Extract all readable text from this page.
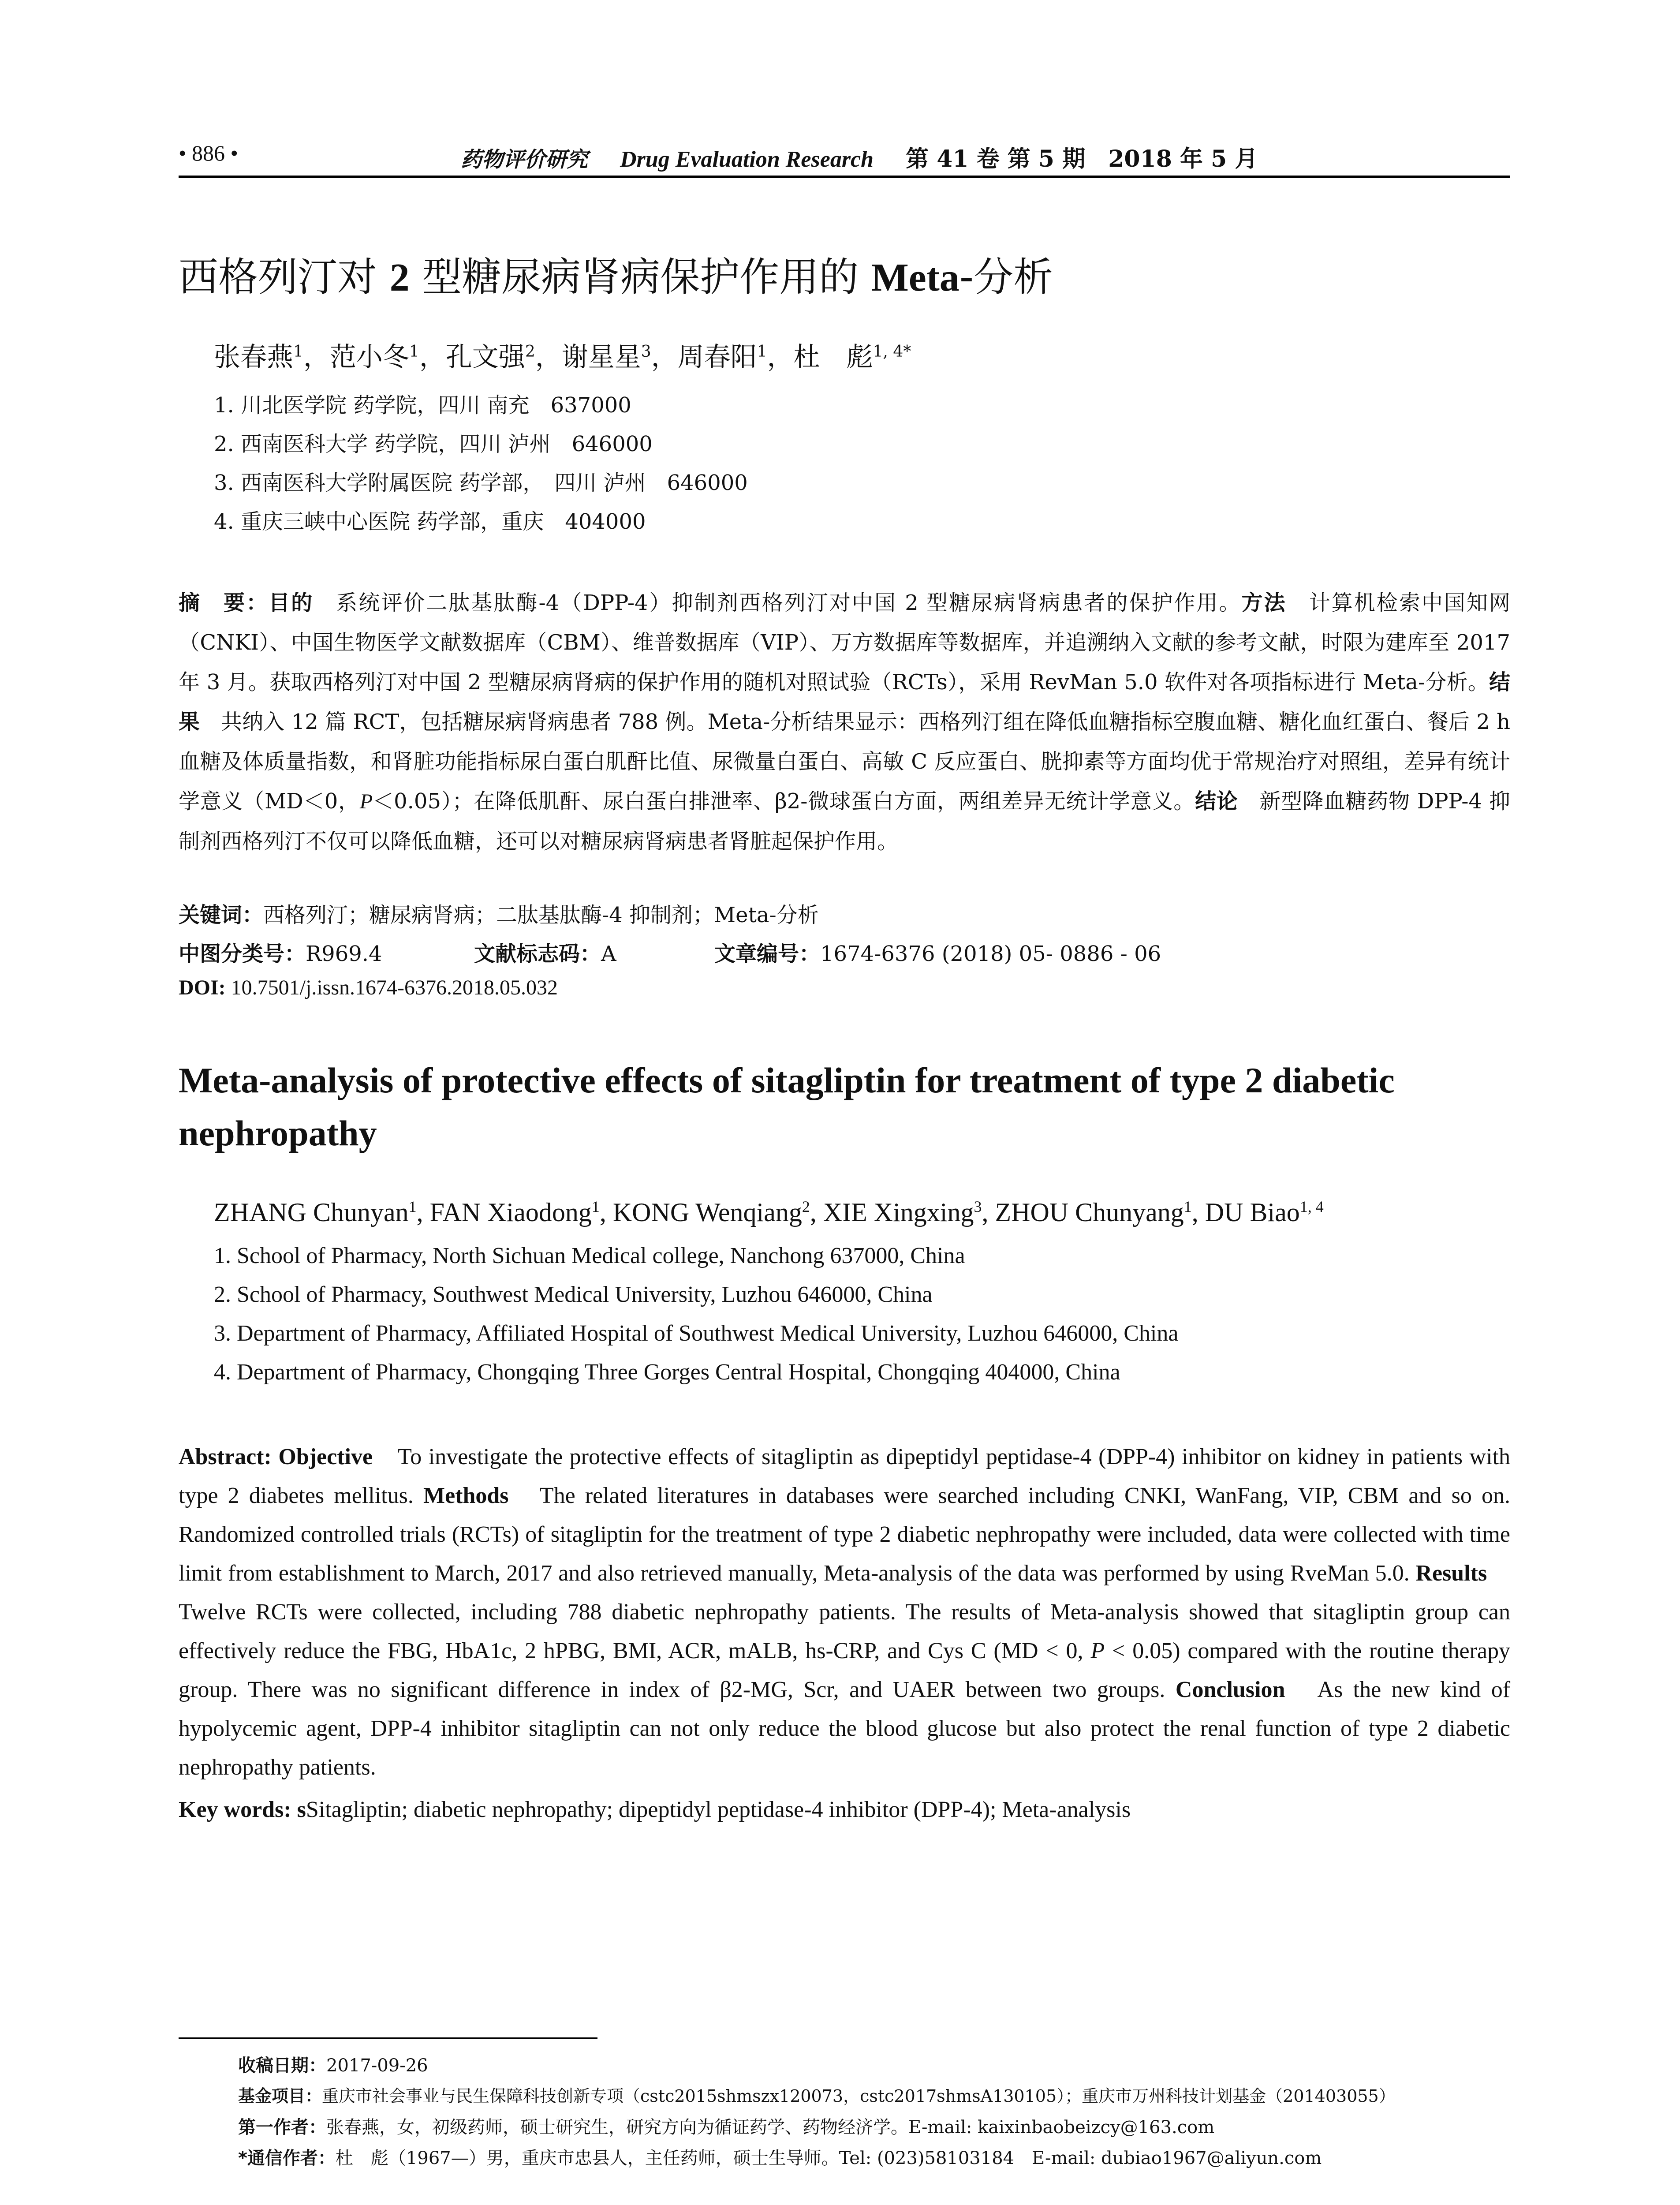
• 886 •	药物评价研究 Drug Evaluation Research 第 41 卷 第 5 期　2018 年 5 月
西格列汀对 2 型糖尿病肾病保护作用的 Meta-分析
张春燕$^1$，范小冬$^1$，孔文强$^2$，谢星星$^3$，周春阳$^1$，杜　彪$^{1, 4*}$
1. 川北医学院 药学院，四川 南充　637000
2. 西南医科大学 药学院，四川 泸州　646000
3. 西南医科大学附属医院 药学部，　四川 泸州　646000
4. 重庆三峡中心医院 药学部，重庆　404000

摘　要：目的　系统评价二肽基肽酶-4（DPP-4）抑制剂西格列汀对中国 2 型糖尿病肾病患者的保护作用。方法　计算机检索中国知网（CNKI）、中国生物医学文献数据库（CBM）、维普数据库（VIP）、万方数据库等数据库，并追溯纳入文献的参考文献，时限为建库至 2017 年 3 月。获取西格列汀对中国 2 型糖尿病肾病的保护作用的随机对照试验（RCTs），采用 RevMan 5.0 软件对各项指标进行 Meta-分析。结果　共纳入 12 篇 RCT，包括糖尿病肾病患者 788 例。Meta-分析结果显示：西格列汀组在降低血糖指标空腹血糖、糖化血红蛋白、餐后 2 h 血糖及体质量指数，和肾脏功能指标尿白蛋白肌酐比值、尿微量白蛋白、高敏 C 反应蛋白、胱抑素等方面均优于常规治疗对照组，差异有统计学意义（MD＜0，P＜0.05）；在降低肌酐、尿白蛋白排泄率、β2-微球蛋白方面，两组差异无统计学意义。结论　新型降血糖药物 DPP-4 抑制剂西格列汀不仅可以降低血糖，还可以对糖尿病肾病患者肾脏起保护作用。

关键词：西格列汀；糖尿病肾病；二肽基肽酶-4 抑制剂；Meta-分析
中图分类号：R969.4	文献标志码：A	文章编号：1674-6376 (2018) 05- 0886 - 06
DOI: 10.7501/j.issn.1674-6376.2018.05.032
Meta-analysis of protective effects of sitagliptin for treatment of type 2 diabetic nephropathy
ZHANG Chunyan$^1$, FAN Xiaodong$^1$, KONG Wenqiang$^2$, XIE Xingxing$^3$, ZHOU Chunyang$^1$, DU Biao$^{1, 4}$
1. School of Pharmacy, North Sichuan Medical college, Nanchong 637000, China
2. School of Pharmacy, Southwest Medical University, Luzhou 646000, China
3. Department of Pharmacy, Affiliated Hospital of Southwest Medical University, Luzhou 646000, China
4. Department of Pharmacy, Chongqing Three Gorges Central Hospital, Chongqing 404000, China

Abstract: Objective　To investigate the protective effects of sitagliptin as dipeptidyl peptidase-4 (DPP-4) inhibitor on kidney in patients with type 2 diabetes mellitus. Methods　The related literatures in databases were searched including CNKI, WanFang, VIP, CBM and so on. Randomized controlled trials (RCTs) of sitagliptin for the treatment of type 2 diabetic nephropathy were included, data were collected with time limit from establishment to March, 2017 and also retrieved manually, Meta-analysis of the data was performed by using RveMan 5.0. Results　Twelve RCTs were collected, including 788 diabetic nephropathy patients. The results of Meta-analysis showed that sitagliptin group can effectively reduce the FBG, HbA1c, 2 hPBG, BMI, ACR, mALB, hs-CRP, and Cys C (MD < 0, P < 0.05) compared with the routine therapy group. There was no significant difference in index of β2-MG, Scr, and UAER between two groups. Conclusion　As the new kind of hypolycemic agent, DPP-4 inhibitor sitagliptin can not only reduce the blood glucose but also protect the renal function of type 2 diabetic nephropathy patients.

Key words: sSitagliptin; diabetic nephropathy; dipeptidyl peptidase-4 inhibitor (DPP-4); Meta-analysis
收稿日期：2017-09-26
基金项目：重庆市社会事业与民生保障科技创新专项（cstc2015shmszx120073，cstc2017shmsA130105）；重庆市万州科技计划基金（201403055）
第一作者：张春燕，女，初级药师，硕士研究生，研究方向为循证药学、药物经济学。E-mail: kaixinbaobeizcy@163.com
*通信作者：杜　彪（1967—）男，重庆市忠县人，主任药师，硕士生导师。Tel: (023)58103184　E-mail: dubiao1967@aliyun.com
